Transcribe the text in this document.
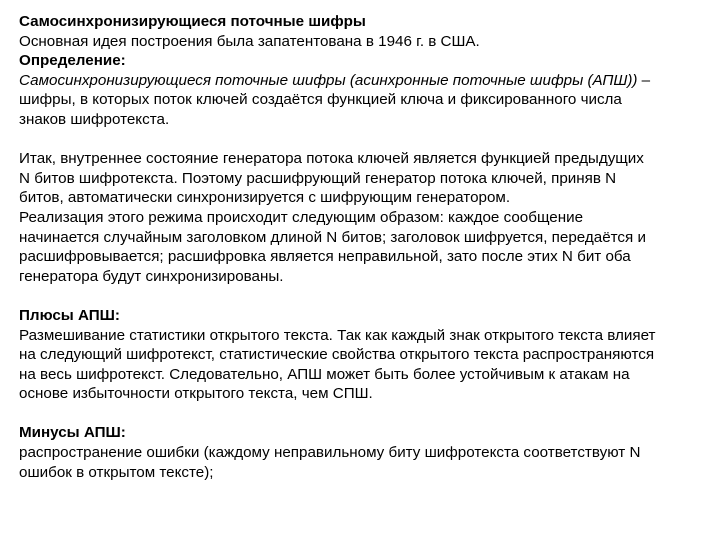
Самосинхронизирующиеся поточные шифры
Основная идея построения была запатентована в 1946 г. в США.
Определение:
Самосинхронизирующиеся поточные шифры (асинхронные поточные шифры (АПШ)) –
шифры, в которых поток ключей создаётся функцией ключа и фиксированного числа
знаков шифротекста.
Итак, внутреннее состояние генератора потока ключей является функцией предыдущих
N битов шифротекста. Поэтому расшифрующий генератор потока ключей, приняв N
битов, автоматически синхронизируется с шифрующим генератором.
Реализация этого режима происходит следующим образом: каждое сообщение
начинается случайным заголовком длиной N битов; заголовок шифруется, передаётся и
расшифровывается; расшифровка является неправильной, зато после этих N бит оба
генератора будут синхронизированы.
Плюсы АПШ:
Размешивание статистики открытого текста. Так как каждый знак открытого текста влияет
на следующий шифротекст, статистические свойства открытого текста распространяются
на весь шифротекст. Следовательно, АПШ может быть более устойчивым к атакам на
основе избыточности открытого текста, чем СПШ.
Минусы АПШ:
распространение ошибки (каждому неправильному биту шифротекста соответствуют N
ошибок в открытом тексте);
